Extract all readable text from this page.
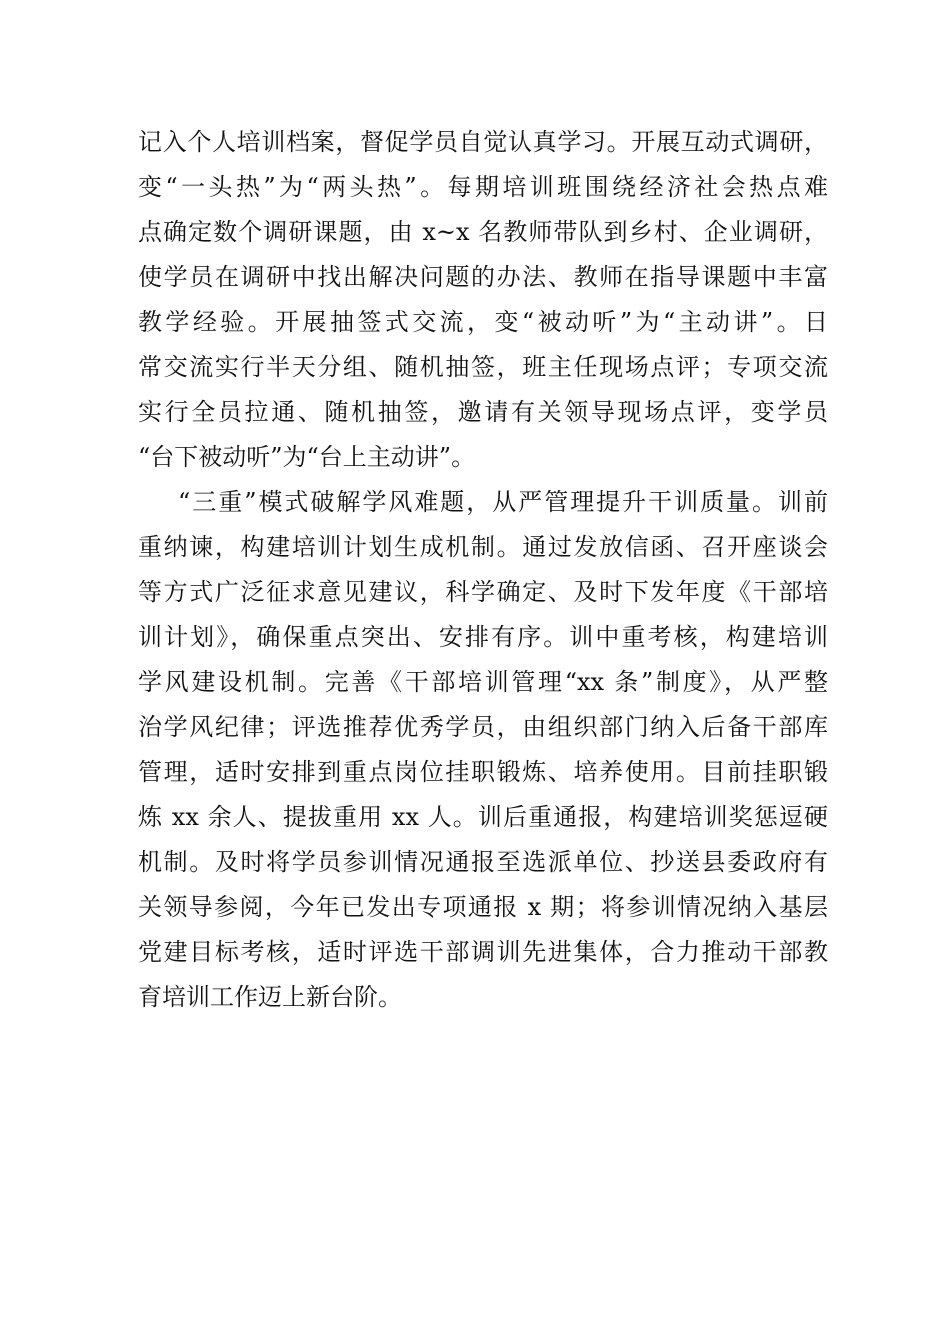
记入个人培训档案，督促学员自觉认真学习。开展互动式调研，
变“一头热”为“两头热”。每期培训班围绕经济社会热点难
点确定数个调研课题，由 x~x 名教师带队到乡村、企业调研，
使学员在调研中找出解决问题的办法、教师在指导课题中丰富
教学经验。开展抽签式交流，变“被动听”为“主动讲”。日
常交流实行半天分组、随机抽签，班主任现场点评；专项交流
实行全员拉通、随机抽签，邀请有关领导现场点评，变学员
“台下被动听”为“台上主动讲”。
“三重”模式破解学风难题，从严管理提升干训质量。训前
重纳谏，构建培训计划生成机制。通过发放信函、召开座谈会
等方式广泛征求意见建议，科学确定、及时下发年度《干部培
训计划》，确保重点突出、安排有序。训中重考核，构建培训
学风建设机制。完善《干部培训管理“xx 条”制度》，从严整
治学风纪律；评选推荐优秀学员，由组织部门纳入后备干部库
管理，适时安排到重点岗位挂职锻炼、培养使用。目前挂职锻
炼 xx 余人、提拔重用 xx 人。训后重通报，构建培训奖惩逗硬
机制。及时将学员参训情况通报至选派单位、抄送县委政府有
关领导参阅，今年已发出专项通报 x 期；将参训情况纳入基层
党建目标考核，适时评选干部调训先进集体，合力推动干部教
育培训工作迈上新台阶。
